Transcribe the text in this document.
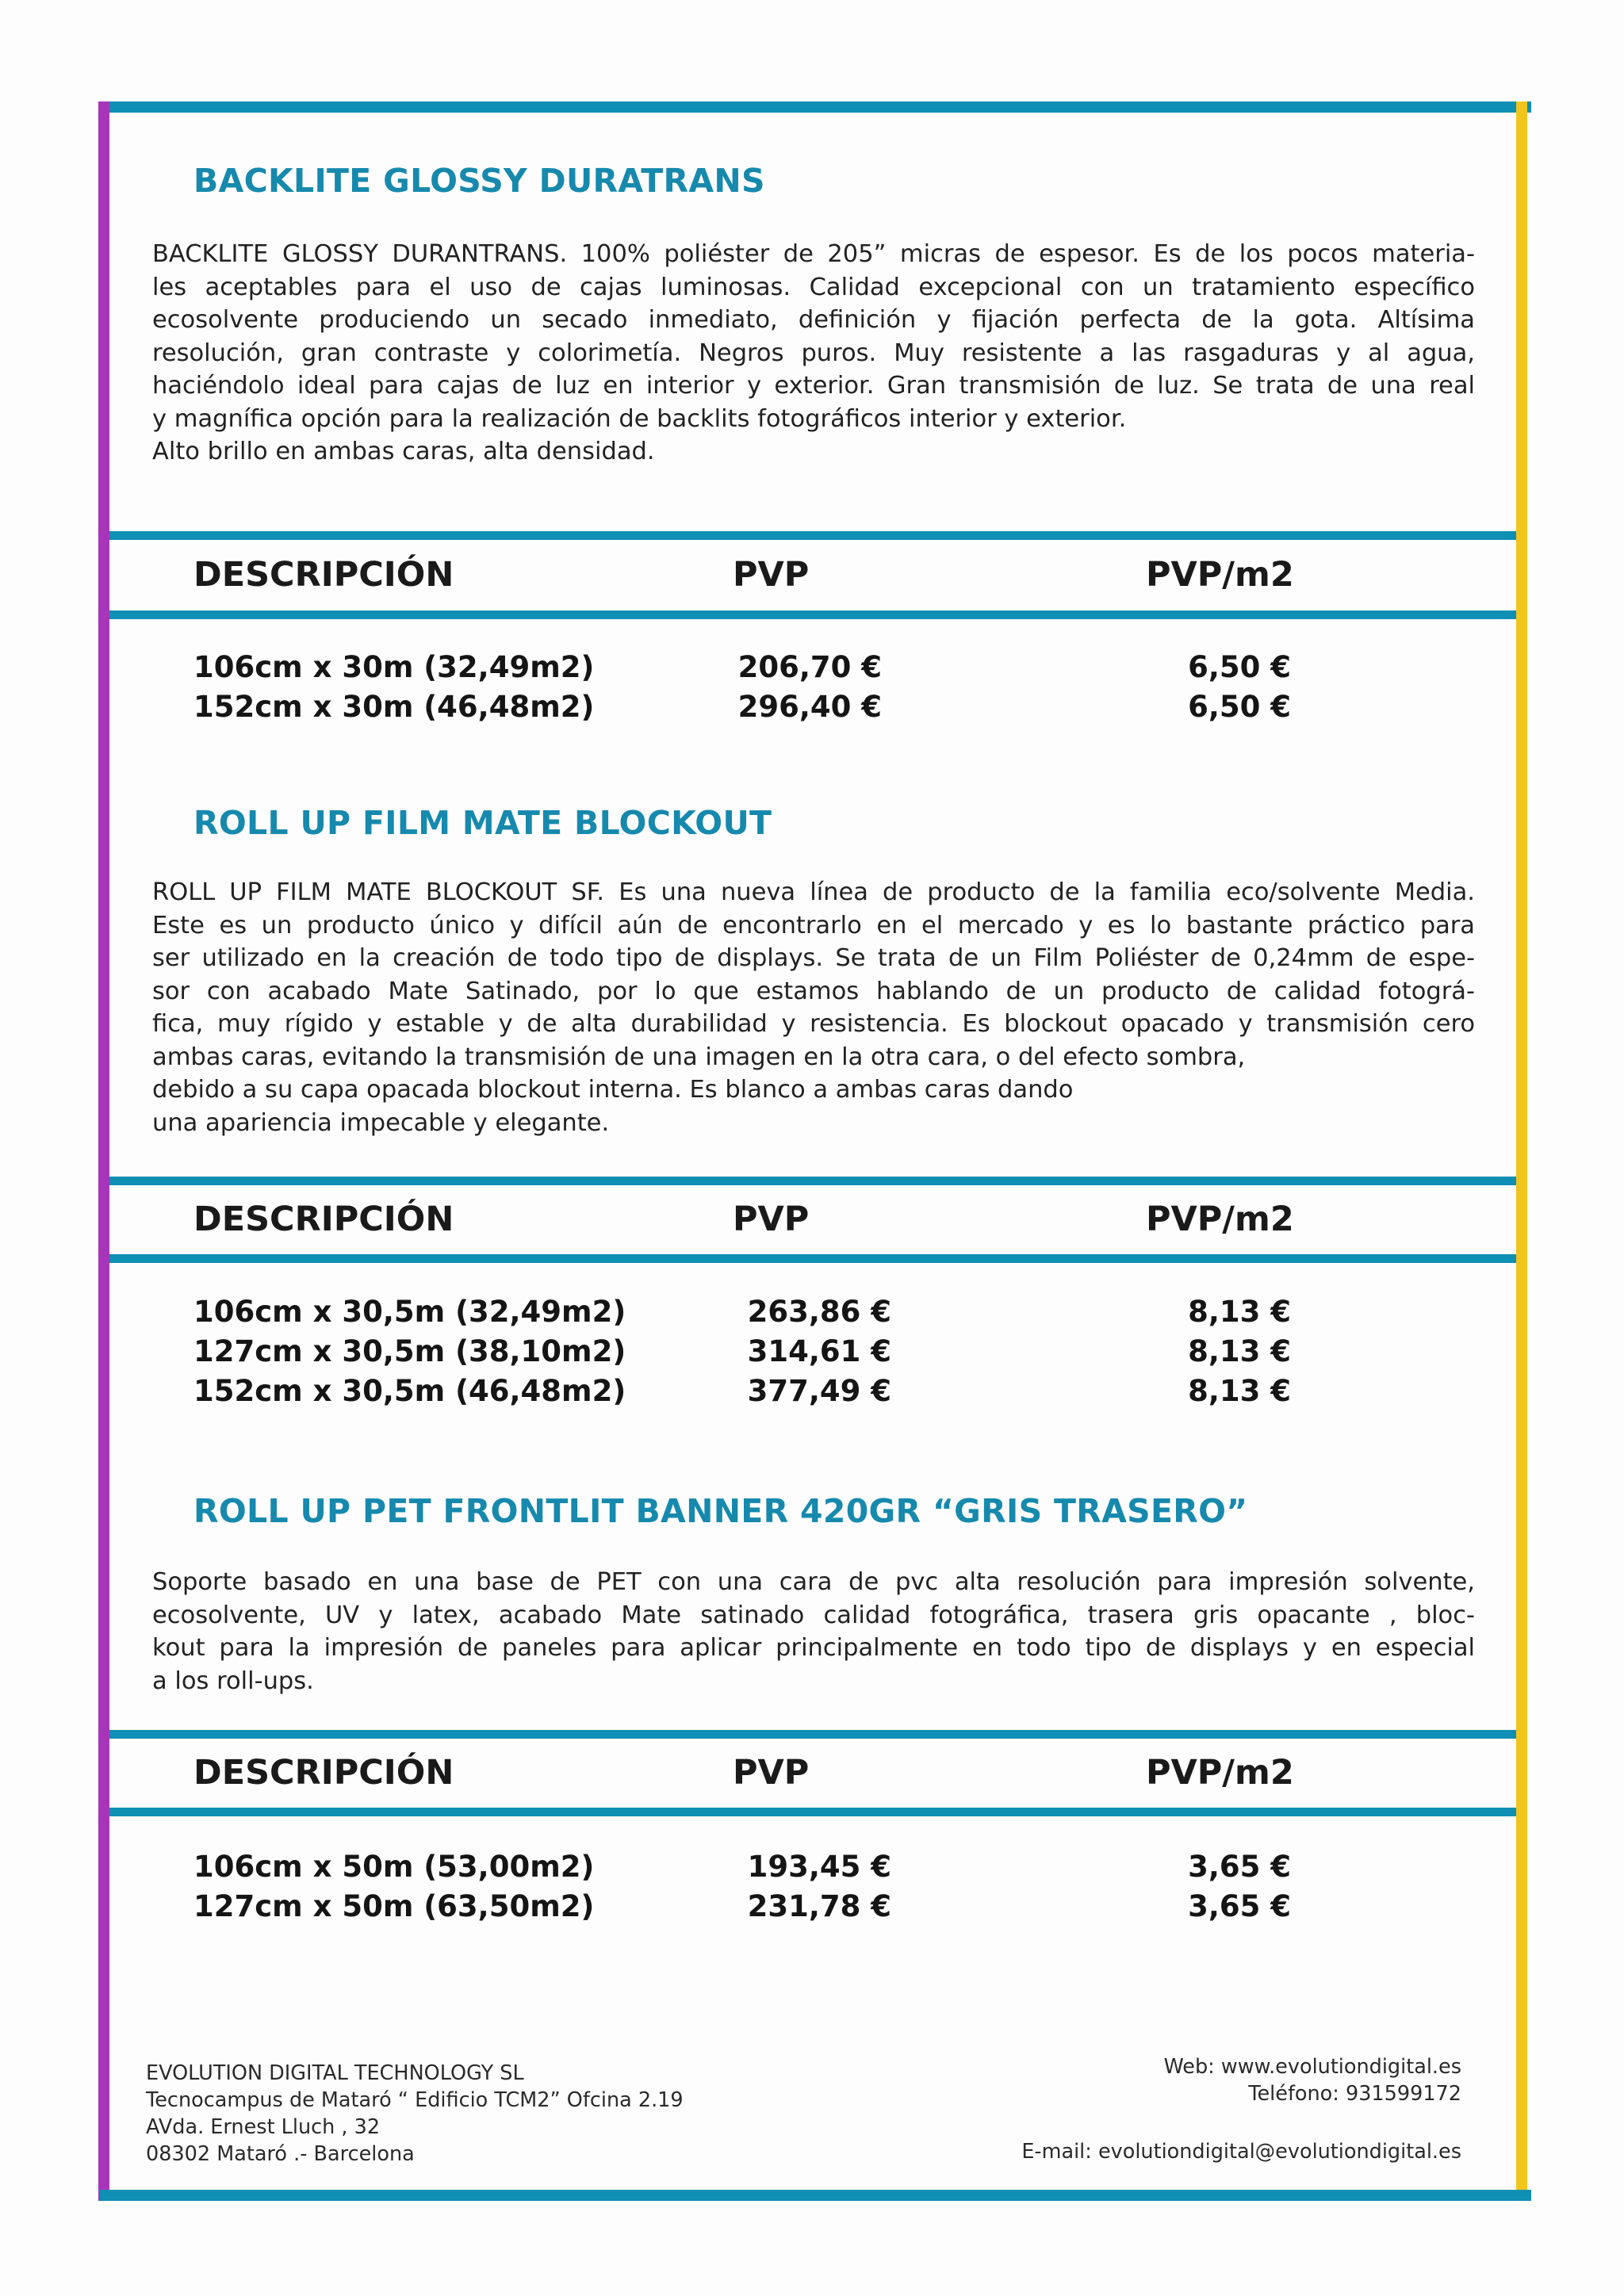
BACKLITE GLOSSY DURATRANS
BACKLITE GLOSSY DURANTRANS. 100% poliéster de 205” micras de espesor. Es de los pocos materia-
les aceptables para el uso de cajas luminosas. Calidad excepcional con un tratamiento específico
ecosolvente produciendo un secado inmediato, definición y fijación perfecta de la gota. Altísima
resolución, gran contraste y colorimetía. Negros puros. Muy resistente a las rasgaduras y al agua,
haciéndolo ideal para cajas de luz en interior y exterior. Gran transmisión de luz. Se trata de una real
y magnífica opción para la realización de backlits fotográficos interior y exterior.
Alto brillo en ambas caras, alta densidad.
DESCRIPCIÓN	PVP	PVP/m2
106cm x 30m (32,49m2)	206,70 €	6,50 €
152cm x 30m (46,48m2)	296,40 €	6,50 €
ROLL UP FILM MATE BLOCKOUT
ROLL UP FILM MATE BLOCKOUT SF. Es una nueva línea de producto de la familia eco/solvente Media.
Este es un producto único y difícil aún de encontrarlo en el mercado y es lo bastante práctico para
ser utilizado en la creación de todo tipo de displays. Se trata de un Film Poliéster de 0,24mm de espe-
sor con acabado Mate Satinado, por lo que estamos hablando de un producto de calidad fotográ-
fica, muy rígido y estable y de alta durabilidad y resistencia. Es blockout opacado y transmisión cero
ambas caras, evitando la transmisión de una imagen en la otra cara, o del efecto sombra,
debido a su capa opacada blockout interna. Es blanco a ambas caras dando
una apariencia impecable y elegante.
DESCRIPCIÓN	PVP	PVP/m2
106cm x 30,5m (32,49m2)	263,86 €	8,13 €
127cm x 30,5m (38,10m2)	314,61 €	8,13 €
152cm x 30,5m (46,48m2)	377,49 €	8,13 €
ROLL UP PET FRONTLIT BANNER 420GR “GRIS TRASERO”
Soporte basado en una base de PET con una cara de pvc alta resolución para impresión solvente,
ecosolvente, UV y latex, acabado Mate satinado calidad fotográfica, trasera gris opacante , bloc-
kout para la impresión de paneles para aplicar principalmente en todo tipo de displays y en especial
a los roll-ups.
DESCRIPCIÓN	PVP	PVP/m2
106cm x 50m (53,00m2)	193,45 €	3,65 €
127cm x 50m (63,50m2)	231,78 €	3,65 €
EVOLUTION DIGITAL TECHNOLOGY SL
Tecnocampus de Mataró “ Edificio TCM2” Ofcina 2.19
AVda. Ernest Lluch , 32
08302 Mataró .- Barcelona
Web: www.evolutiondigital.es
Teléfono: 931599172
E-mail: evolutiondigital@evolutiondigital.es
